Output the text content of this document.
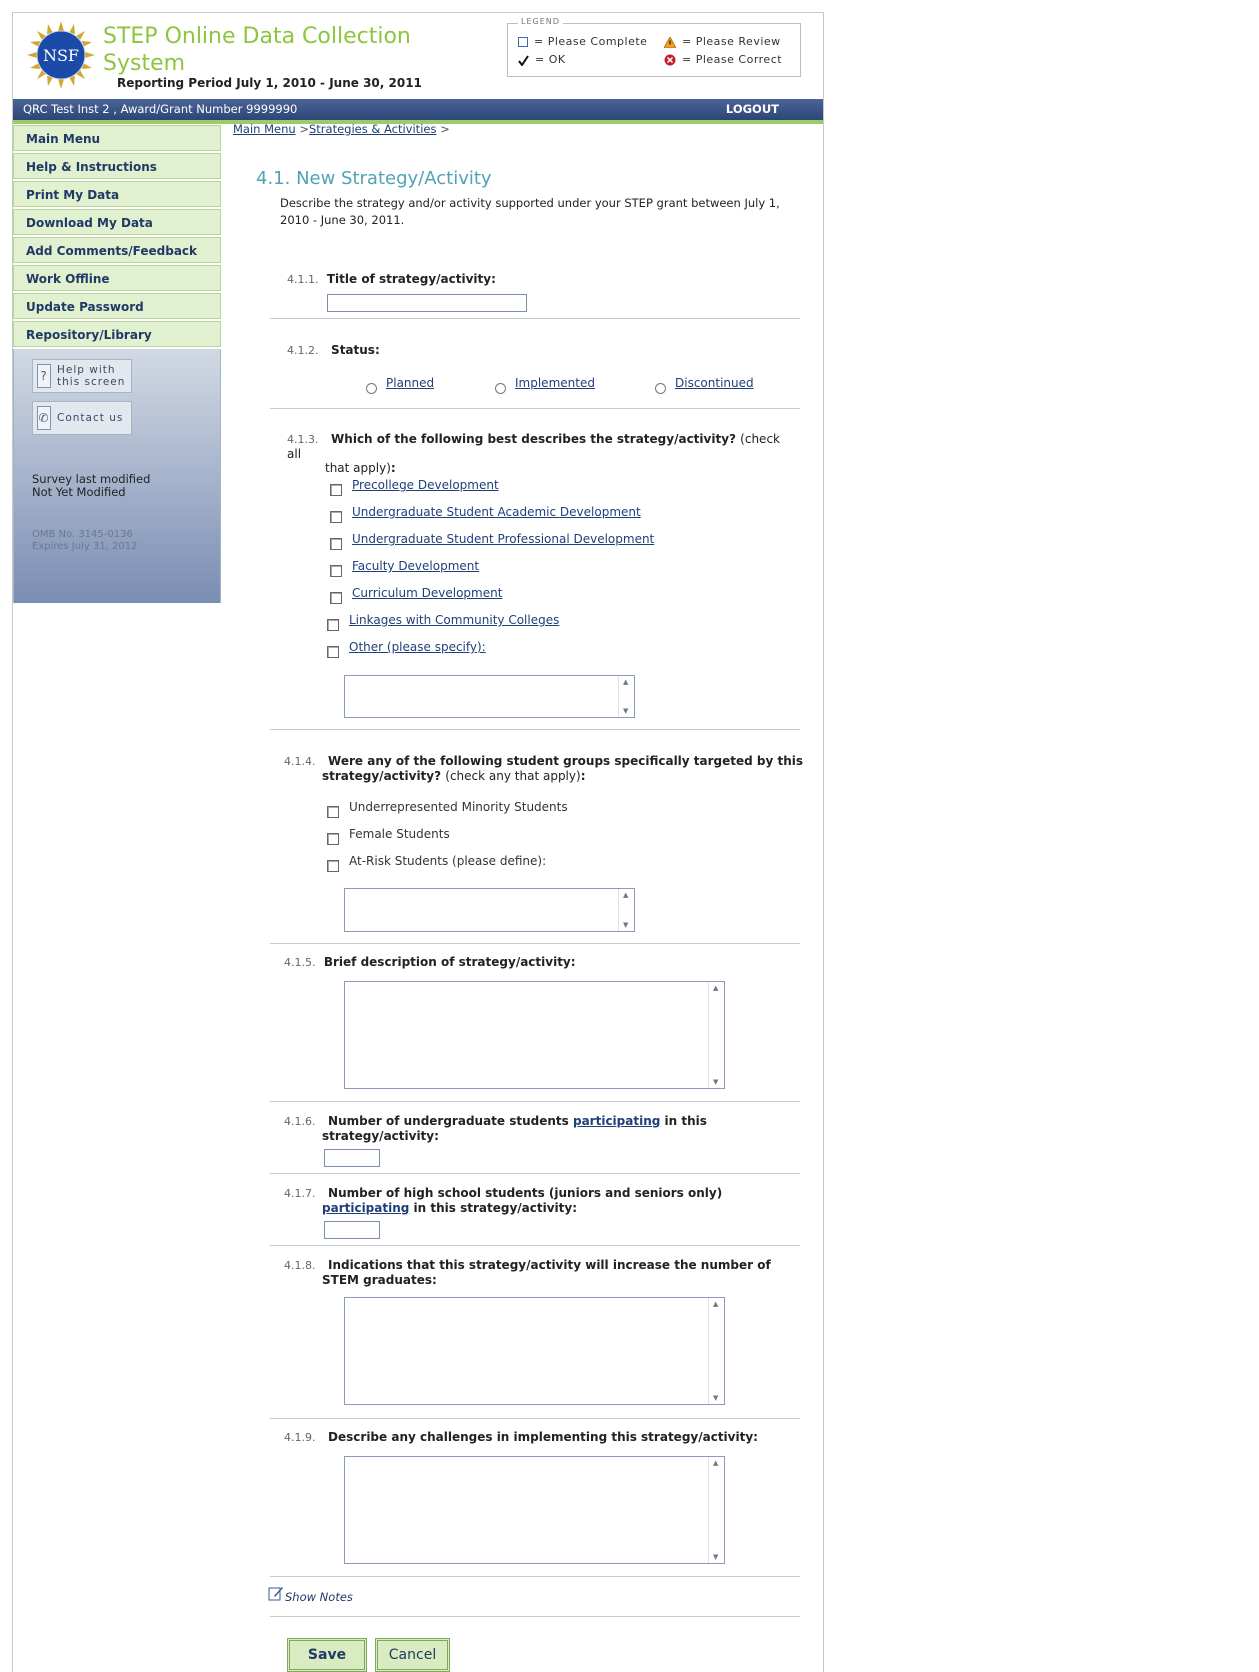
NSF
STEP Online Data Collection System
Reporting Period July 1, 2010 - June 30, 2011
LEGEND
= Please Complete	= Please Review
= OK	= Please Correct
QRC Test Inst 2 , Award/Grant Number 9999990	LOGOUT
Main Menu
Help & Instructions
Print My Data
Download My Data
Add Comments/Feedback
Work Offline
Update Password
Repository/Library
? Help with
this screen
✆ Contact us
Survey last modified
Not Yet Modified
OMB No. 3145-0136
Expires July 31, 2012
Main Menu >Strategies & Activities >
4.1. New Strategy/Activity
Describe the strategy and/or activity supported under your STEP grant between July 1, 2010 - June 30, 2011.
4.1.1. Title of strategy/activity:
4.1.2. Status:
Planned	Implemented	Discontinued
4.1.3. Which of the following best describes the strategy/activity? (check all
that apply):
Precollege Development
Undergraduate Student Academic Development
Undergraduate Student Professional Development
Faculty Development
Curriculum Development
Linkages with Community Colleges
Other (please specify):
▲
▼
4.1.4. Were any of the following student groups specifically targeted by this
strategy/activity? (check any that apply):
Underrepresented Minority Students
Female Students
At-Risk Students (please define):
▲
▼
4.1.5. Brief description of strategy/activity:
▲
▼
4.1.6. Number of undergraduate students participating in this
strategy/activity:
4.1.7. Number of high school students (juniors and seniors only)
participating in this strategy/activity:
4.1.8. Indications that this strategy/activity will increase the number of
STEM graduates:
▲
▼
4.1.9. Describe any challenges in implementing this strategy/activity:
▲
▼
Show Notes
Save	Cancel
